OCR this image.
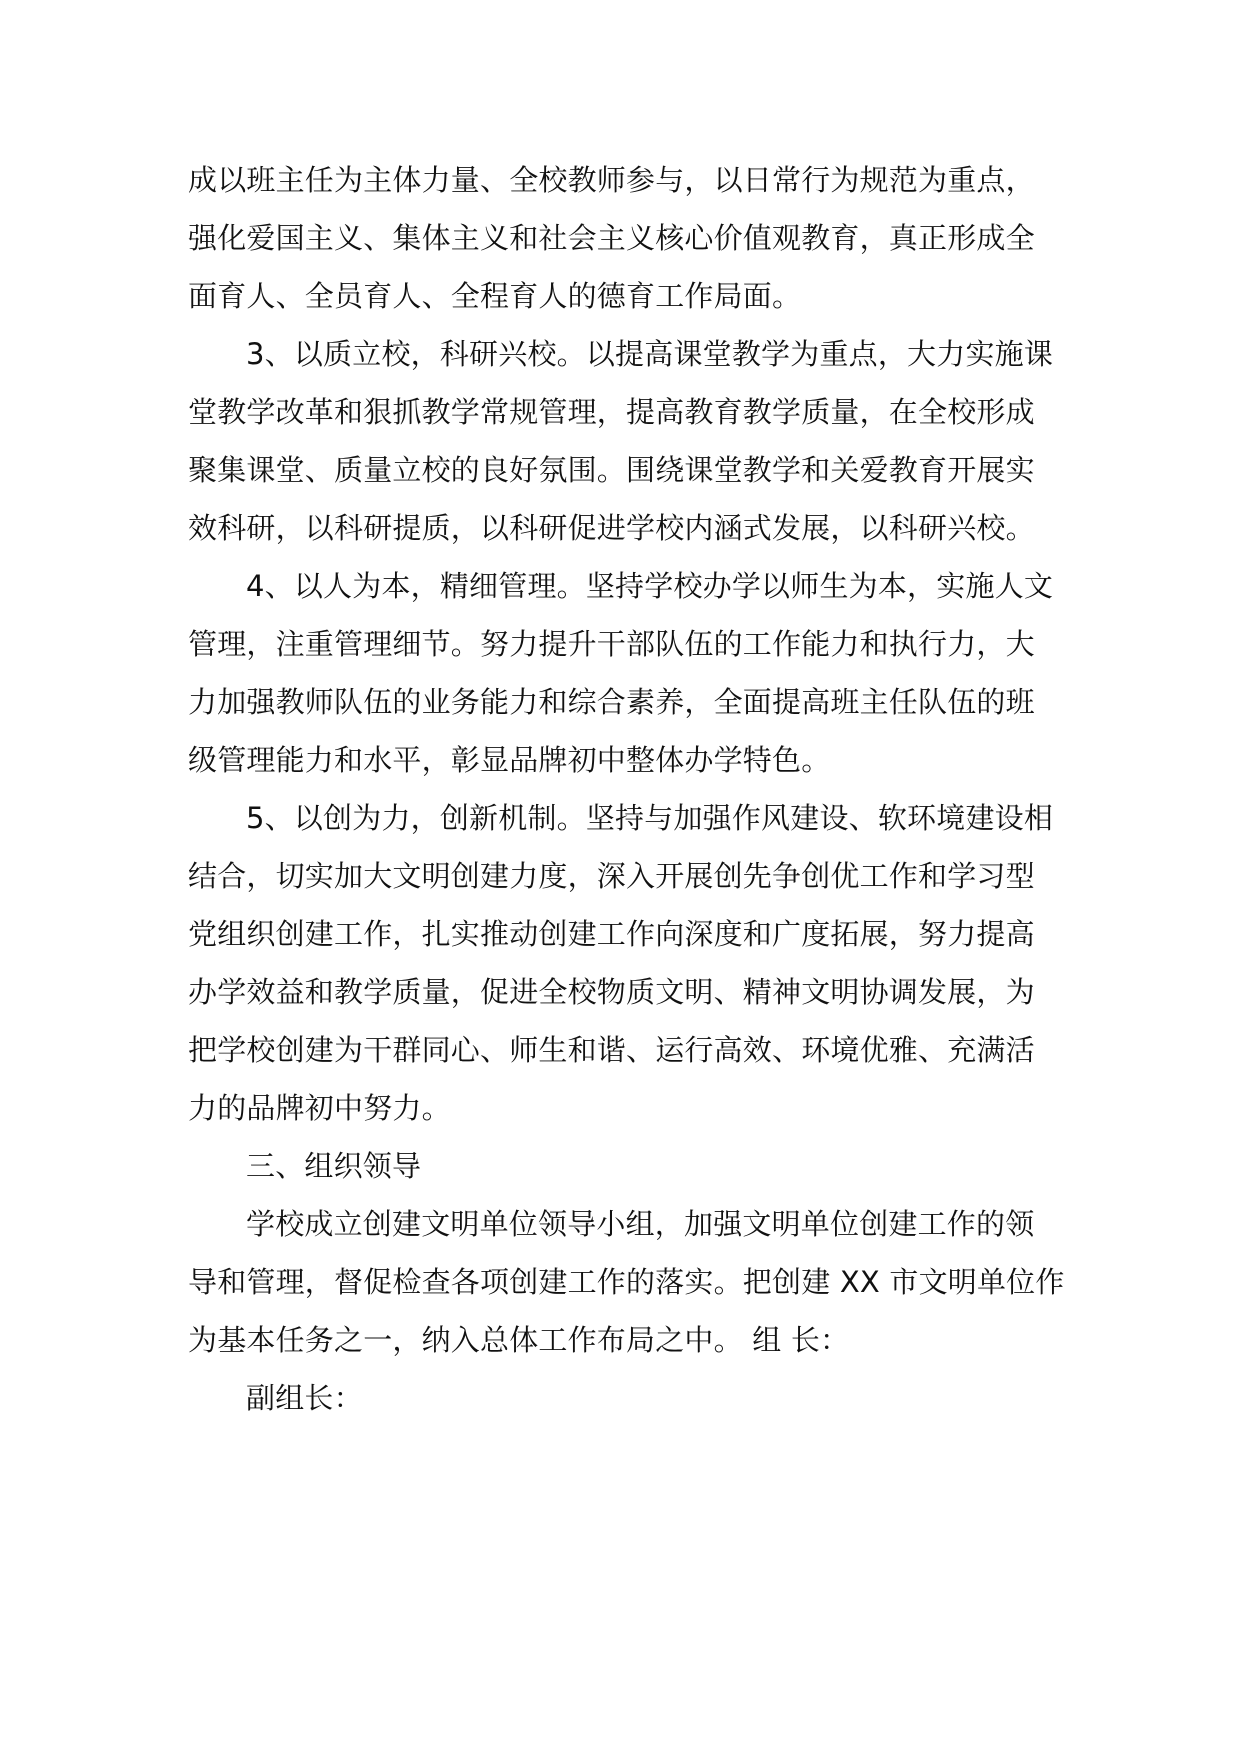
成以班主任为主体力量、全校教师参与，以日常行为规范为重点，
强化爱国主义、集体主义和社会主义核心价值观教育，真正形成全
面育人、全员育人、全程育人的德育工作局面。
3、以质立校，科研兴校。以提高课堂教学为重点，大力实施课
堂教学改革和狠抓教学常规管理，提高教育教学质量，在全校形成
聚集课堂、质量立校的良好氛围。围绕课堂教学和关爱教育开展实
效科研，以科研提质，以科研促进学校内涵式发展，以科研兴校。
4、以人为本，精细管理。坚持学校办学以师生为本，实施人文
管理，注重管理细节。努力提升干部队伍的工作能力和执行力，大
力加强教师队伍的业务能力和综合素养，全面提高班主任队伍的班
级管理能力和水平，彰显品牌初中整体办学特色。
5、以创为力，创新机制。坚持与加强作风建设、软环境建设相
结合，切实加大文明创建力度，深入开展创先争创优工作和学习型
党组织创建工作，扎实推动创建工作向深度和广度拓展，努力提高
办学效益和教学质量，促进全校物质文明、精神文明协调发展，为
把学校创建为干群同心、师生和谐、运行高效、环境优雅、充满活
力的品牌初中努力。
三、组织领导
学校成立创建文明单位领导小组，加强文明单位创建工作的领
导和管理，督促检查各项创建工作的落实。把创建 XX 市文明单位作
为基本任务之一，纳入总体工作布局之中。 组 长：
副组长：
